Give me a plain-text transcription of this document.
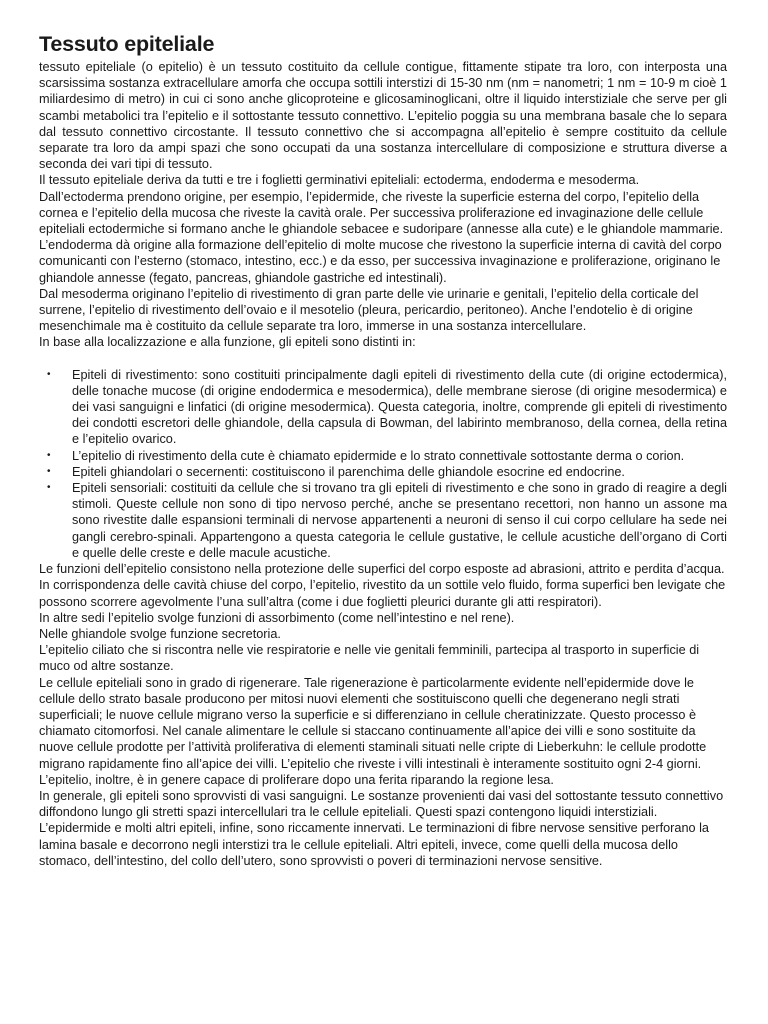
Tessuto epiteliale

tessuto epiteliale (o epitelio) è un tessuto costituito da cellule contigue, fittamente stipate tra loro, con interposta una scarsissima sostanza extracellulare amorfa che occupa sottili interstizi di 15-30 nm (nm = nanometri; 1 nm = 10-9 m cioè 1 miliardesimo di metro) in cui ci sono anche glicoproteine e glicosaminoglicani, oltre il liquido interstiziale che serve per gli scambi metabolici tra l’epitelio e il sottostante tessuto connettivo. L’epitelio poggia su una membrana basale che lo separa dal tessuto connettivo circostante. Il tessuto connettivo che si accompagna all’epitelio è sempre costituito da cellule separate tra loro da ampi spazi che sono occupati da una sostanza intercellulare di composizione e struttura diverse a seconda dei vari tipi di tessuto.

Il tessuto epiteliale deriva da tutti e tre i foglietti germinativi epiteliali: ectoderma, endoderma e mesoderma.

Dall’ectoderma prendono origine, per esempio, l’epidermide, che riveste la superficie esterna del corpo, l’epitelio della cornea e l’epitelio della mucosa che riveste la cavità orale. Per successiva proliferazione ed invaginazione delle cellule epiteliali ectodermiche si formano anche le ghiandole sebacee e sudoripare (annesse alla cute) e le ghiandole mammarie.

L’endoderma dà origine alla formazione dell’epitelio di molte mucose che rivestono la superficie interna di cavità del corpo comunicanti con l’esterno (stomaco, intestino, ecc.) e da esso, per successiva invaginazione e proliferazione, originano le ghiandole annesse (fegato, pancreas, ghiandole gastriche ed intestinali).

Dal mesoderma originano l’epitelio di rivestimento di gran parte delle vie urinarie e genitali, l’epitelio della corticale del surrene, l’epitelio di rivestimento dell’ovaio e il mesotelio (pleura, pericardio, peritoneo). Anche l’endotelio è di origine mesenchimale ma è costituito da cellule separate tra loro, immerse in una sostanza intercellulare.

In base alla localizzazione e alla funzione, gli epiteli sono distinti in:

• Epiteli di rivestimento: sono costituiti principalmente dagli epiteli di rivestimento della cute (di origine ectodermica), delle tonache mucose (di origine endodermica e mesodermica), delle membrane sierose (di origine mesodermica) e dei vasi sanguigni e linfatici (di origine mesodermica). Questa categoria, inoltre, comprende gli epiteli di rivestimento dei condotti escretori delle ghiandole, della capsula di Bowman, del labirinto membranoso, della cornea, della retina e l’epitelio ovarico.
• L’epitelio di rivestimento della cute è chiamato epidermide e lo strato connettivale sottostante derma o corion.
• Epiteli ghiandolari o secernenti: costituiscono il parenchima delle ghiandole esocrine ed endocrine.
• Epiteli sensoriali: costituiti da cellule che si trovano tra gli epiteli di rivestimento e che sono in grado di reagire a degli stimoli. Queste cellule non sono di tipo nervoso perché, anche se presentano recettori, non hanno un assone ma sono rivestite dalle espansioni terminali di nervose appartenenti a neuroni di senso il cui corpo cellulare ha sede nei gangli cerebro-spinali. Appartengono a questa categoria le cellule gustative, le cellule acustiche dell’organo di Corti e quelle delle creste e delle macule acustiche.

Le funzioni dell’epitelio consistono nella protezione delle superfici del corpo esposte ad abrasioni, attrito e perdita d’acqua.

In corrispondenza delle cavità chiuse del corpo, l’epitelio, rivestito da un sottile velo fluido, forma superfici ben levigate che possono scorrere agevolmente l’una sull’altra (come i due foglietti pleurici durante gli atti respiratori).

In altre sedi l’epitelio svolge funzioni di assorbimento (come nell’intestino e nel rene).

Nelle ghiandole svolge funzione secretoria.

L’epitelio ciliato che si riscontra nelle vie respiratorie e nelle vie genitali femminili, partecipa al trasporto in superficie di muco od altre sostanze.

Le cellule epiteliali sono in grado di rigenerare. Tale rigenerazione è particolarmente evidente nell’epidermide dove le cellule dello strato basale producono per mitosi nuovi elementi che sostituiscono quelli che degenerano negli strati superficiali; le nuove cellule migrano verso la superficie e si differenziano in cellule cheratinizzate. Questo processo è chiamato citomorfosi. Nel canale alimentare le cellule si staccano continuamente all’apice dei villi e sono sostituite da nuove cellule prodotte per l’attività proliferativa di elementi staminali situati nelle cripte di Lieberkuhn: le cellule prodotte migrano rapidamente fino all’apice dei villi. L’epitelio che riveste i villi intestinali è interamente sostituito ogni 2-4 giorni. L’epitelio, inoltre, è in genere capace di proliferare dopo una ferita riparando la regione lesa.

In generale, gli epiteli sono sprovvisti di vasi sanguigni. Le sostanze provenienti dai vasi del sottostante tessuto connettivo diffondono lungo gli stretti spazi intercellulari tra le cellule epiteliali. Questi spazi contengono liquidi interstiziali.

L’epidermide e molti altri epiteli, infine, sono riccamente innervati. Le terminazioni di fibre nervose sensitive perforano la lamina basale e decorrono negli interstizi tra le cellule epiteliali. Altri epiteli, invece, come quelli della mucosa dello stomaco, dell’intestino, del collo dell’utero, sono sprovvisti o poveri di terminazioni nervose sensitive.
